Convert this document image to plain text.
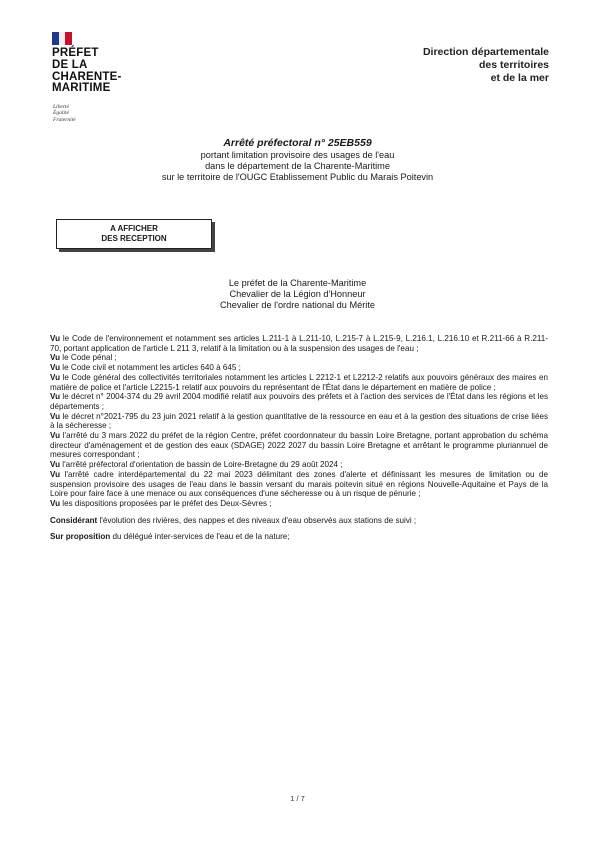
PRÉFET
DE LA
CHARENTE-
MARITIME
Liberté
Égalité
Fraternité
Direction départementale
des territoires
et de la mer
Arrêté préfectoral n° 25EB559
portant limitation provisoire des usages de l'eau
dans le département de la Charente-Maritime
sur le territoire de l'OUGC Etablissement Public du Marais Poitevin
A AFFICHER
DES RECEPTION
Le préfet de la Charente-Maritime
Chevalier de la Légion d'Honneur
Chevalier de l'ordre national du Mérite

Vu le Code de l'environnement et notamment ses articles L.211-1 à L.211-10, L.215-7 à L.215-9, L.216.1, L.216.10 et R.211-66 à R.211-70, portant application de l'article L 211 3, relatif à la limitation ou à la suspension des usages de l'eau ;

Vu le Code pénal ;

Vu le Code civil et notamment les articles 640 à 645 ;

Vu le Code général des collectivités territoriales notamment les articles L 2212-1 et L2212-2 relatifs aux pouvoirs généraux des maires en matière de police et l'article L2215-1 relatif aux pouvoirs du représentant de l'État dans le département en matière de police ;

Vu le décret n° 2004-374 du 29 avril 2004 modifié relatif aux pouvoirs des préfets et à l'action des services de l'État dans les régions et les départements ;

Vu le décret n°2021-795 du 23 juin 2021 relatif à la gestion quantitative de la ressource en eau et à la gestion des situations de crise liées à la sécheresse ;

Vu l'arrêté du 3 mars 2022 du préfet de la région Centre, préfet coordonnateur du bassin Loire Bretagne, portant approbation du schéma directeur d'aménagement et de gestion des eaux (SDAGE) 2022 2027 du bassin Loire Bretagne et arrêtant le programme pluriannuel de mesures correspondant ;

Vu l'arrêté préfectoral d'orientation de bassin de Loire-Bretagne du 29 août 2024 ;

Vu l'arrêté cadre interdépartemental du 22 mai 2023 délimitant des zones d'alerte et définissant les mesures de limitation ou de suspension provisoire des usages de l'eau dans le bassin versant du marais poitevin situé en régions Nouvelle-Aquitaine et Pays de la Loire pour faire face à une menace ou aux conséquences d'une sécheresse ou à un risque de pénurie ;

Vu les dispositions proposées par le préfet des Deux-Sèvres ;

Considérant l'évolution des rivières, des nappes et des niveaux d'eau observés aux stations de suivi ;

Sur proposition du délégué inter-services de l'eau et de la nature;

1 / 7
